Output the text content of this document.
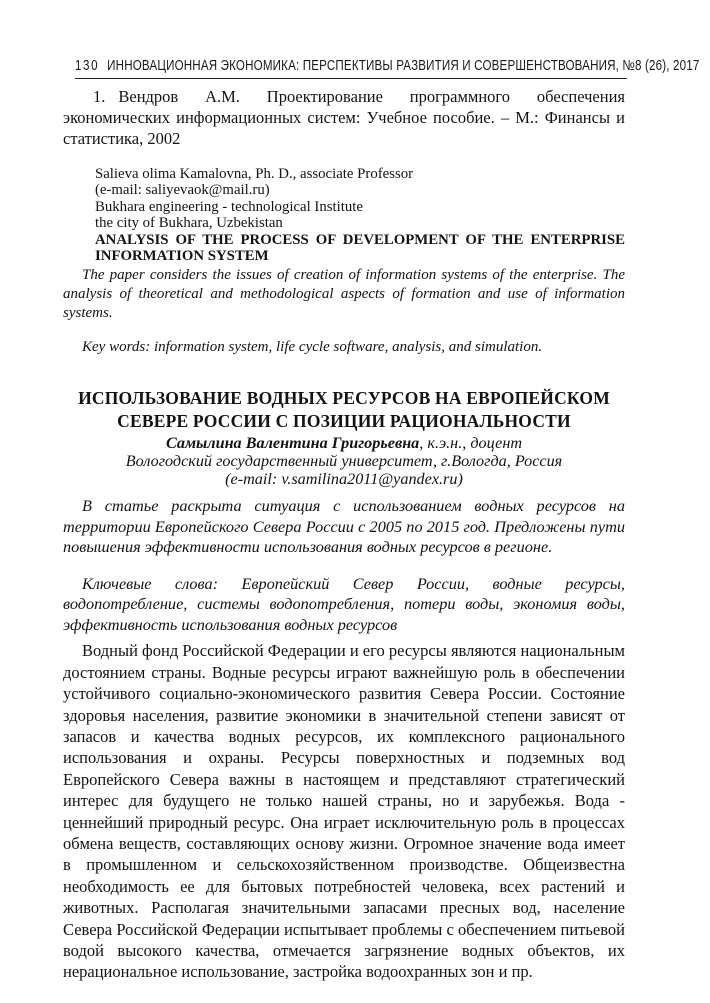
130 ИННОВАЦИОННАЯ ЭКОНОМИКА: ПЕРСПЕКТИВЫ РАЗВИТИЯ И СОВЕРШЕНСТВОВАНИЯ, №8 (26), 2017

1. Вендров А.М. Проектирование программного обеспечения экономических информационных систем: Учебное пособие. – М.: Финансы и статистика, 2002

Salieva olima Kamalovna, Ph. D., associate Professor
(e-mail: saliyevaok@mail.ru)
Bukhara engineering - technological Institute
the city of Bukhara, Uzbekistan
ANALYSIS OF THE PROCESS OF DEVELOPMENT OF THE ENTERPRISE INFORMATION SYSTEM

The paper considers the issues of creation of information systems of the enterprise. The analysis of theoretical and methodological aspects of formation and use of information systems.

Key words: information system, life cycle software, analysis, and simulation.

ИСПОЛЬЗОВАНИЕ ВОДНЫХ РЕСУРСОВ НА ЕВРОПЕЙСКОМ
СЕВЕРЕ РОССИИ С ПОЗИЦИИ РАЦИОНАЛЬНОСТИ
Самылина Валентина Григорьевна, к.э.н., доцент
Вологодский государственный университет, г.Вологда, Россия
(e-mail: v.samilina2011@yandex.ru)

В статье раскрыта ситуация с использованием водных ресурсов на территории Европейского Севера России с 2005 по 2015 год. Предложены пути повышения эффективности использования водных ресурсов в регионе.

Ключевые слова: Европейский Север России, водные ресурсы, водопотребление, системы водопотребления, потери воды, экономия воды, эффективность использования водных ресурсов

Водный фонд Российской Федерации и его ресурсы являются национальным достоянием страны. Водные ресурсы играют важнейшую роль в обеспечении устойчивого социально-экономического развития Севера России. Состояние здоровья населения, развитие экономики в значительной степени зависят от запасов и качества водных ресурсов, их комплексного рационального использования и охраны. Ресурсы поверхностных и подземных вод Европейского Севера важны в настоящем и представляют стратегический интерес для будущего не только нашей страны, но и зарубежья. Вода - ценнейший природный ресурс. Она играет исключительную роль в процессах обмена веществ, составляющих основу жизни. Огромное значение вода имеет в промышленном и сельскохозяйственном производстве. Общеизвестна необходимость ее для бытовых потребностей человека, всех растений и животных. Располагая значительными запасами пресных вод, население Севера Российской Федерации испытывает проблемы с обеспечением питьевой водой высокого качества, отмечается загрязнение водных объектов, их нерациональное использование, застройка водоохранных зон и пр.
